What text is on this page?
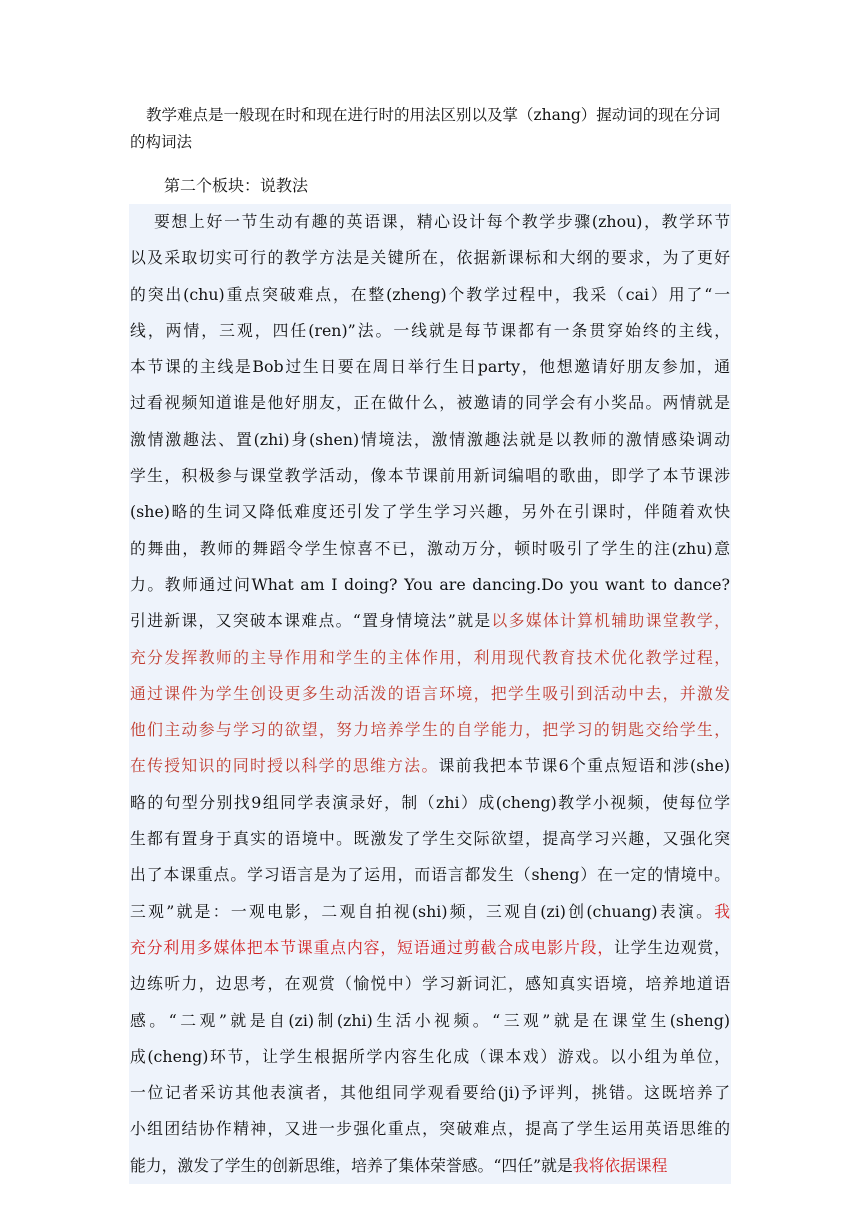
教学难点是一般现在时和现在进行时的用法区别以及掌（zhang）握动词的现在分词的构词法
第二个板块：说教法
要想上好一节生动有趣的英语课，精心设计每个教学步骤(zhou)，教学环节
以及采取切实可行的教学方法是关键所在，依据新课标和大纲的要求，为了更好
的突出(chu)重点突破难点，在整(zheng)个教学过程中，我采（cai）用了“一
线，两情，三观，四任(ren)”法。一线就是每节课都有一条贯穿始终的主线，
本节课的主线是Bob过生日要在周日举行生日party，他想邀请好朋友参加，通
过看视频知道谁是他好朋友，正在做什么，被邀请的同学会有小奖品。两情就是
激情激趣法、置(zhi)身(shen)情境法，激情激趣法就是以教师的激情感染调动
学生，积极参与课堂教学活动，像本节课前用新词编唱的歌曲，即学了本节课涉
(she)略的生词又降低难度还引发了学生学习兴趣，另外在引课时，伴随着欢快
的舞曲，教师的舞蹈令学生惊喜不已，激动万分，顿时吸引了学生的注(zhu)意
力。教师通过问What am I doing? You are dancing.Do you want to dance?
引进新课，又突破本课难点。“置身情境法”就是以多媒体计算机辅助课堂教学，
充分发挥教师的主导作用和学生的主体作用，利用现代教育技术优化教学过程，
通过课件为学生创设更多生动活泼的语言环境，把学生吸引到活动中去，并激发
他们主动参与学习的欲望，努力培养学生的自学能力，把学习的钥匙交给学生，
在传授知识的同时授以科学的思维方法。课前我把本节课6个重点短语和涉(she)
略的句型分别找9组同学表演录好，制（zhi）成(cheng)教学小视频，使每位学
生都有置身于真实的语境中。既激发了学生交际欲望，提高学习兴趣，又强化突
出了本课重点。学习语言是为了运用，而语言都发生（sheng）在一定的情境中。
三观”就是：一观电影，二观自拍视(shi)频，三观自(zi)创(chuang)表演。我
充分利用多媒体把本节课重点内容，短语通过剪截合成电影片段，让学生边观赏，
边练听力，边思考，在观赏（愉悦中）学习新词汇，感知真实语境，培养地道语
感。“二观”就是自(zi)制(zhi)生活小视频。“三观”就是在课堂生(sheng)
成(cheng)环节，让学生根据所学内容生化成（课本戏）游戏。以小组为单位，
一位记者采访其他表演者，其他组同学观看要给(ji)予评判，挑错。这既培养了
小组团结协作精神，又进一步强化重点，突破难点，提高了学生运用英语思维的
能力，激发了学生的创新思维，培养了集体荣誉感。“四任”就是我将依据课程
